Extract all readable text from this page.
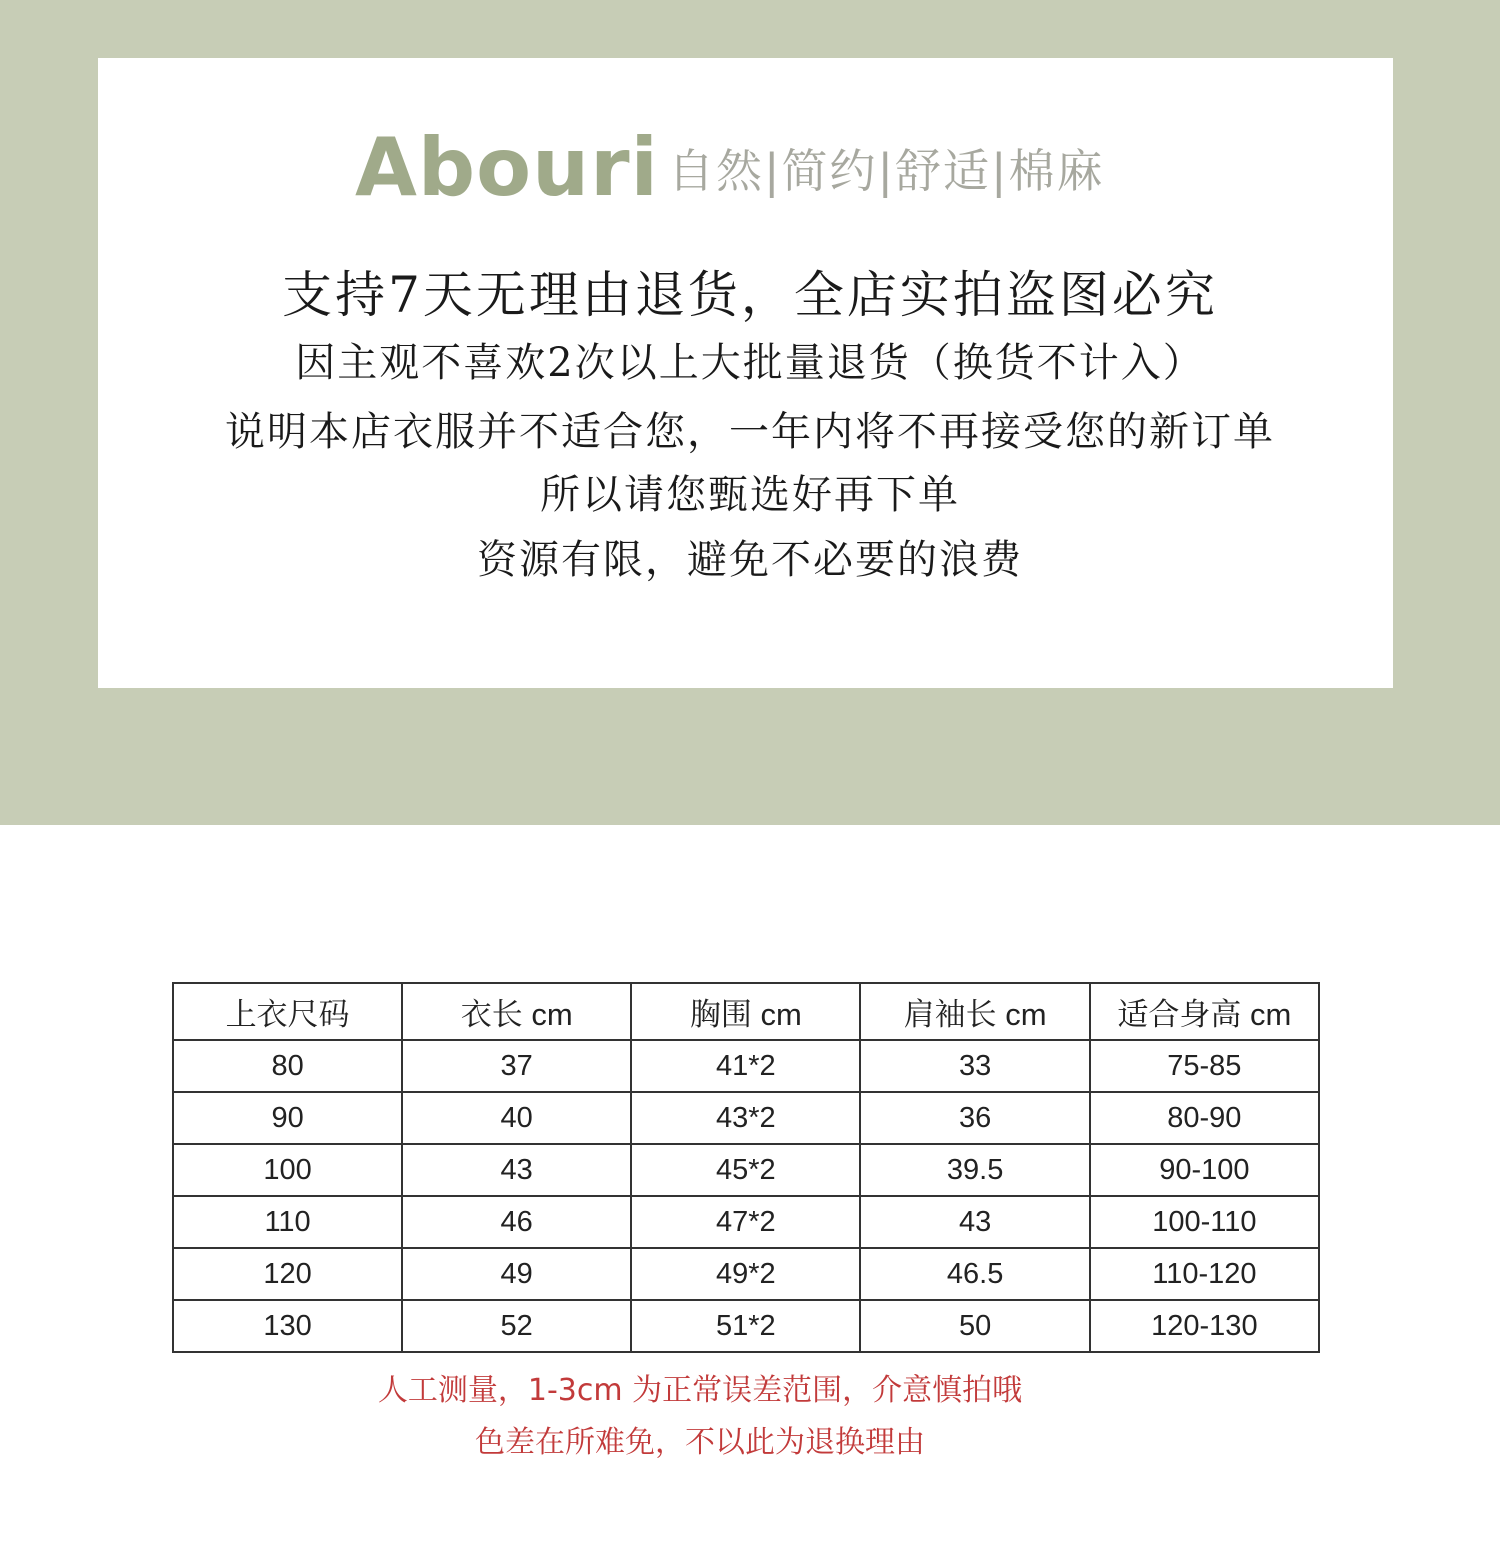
Abouri 自然|简约|舒适|棉麻
支持7天无理由退货，全店实拍盗图必究
因主观不喜欢2次以上大批量退货（换货不计入）
说明本店衣服并不适合您，一年内将不再接受您的新订单
所以请您甄选好再下单
资源有限，避免不必要的浪费
上衣尺码	衣长 cm	胸围 cm	肩袖长 cm	适合身高 cm
80	37	41*2	33	75-85
90	40	43*2	36	80-90
100	43	45*2	39.5	90-100
110	46	47*2	43	100-110
120	49	49*2	46.5	110-120
130	52	51*2	50	120-130
人工测量，1-3cm 为正常误差范围，介意慎拍哦
色差在所难免，不以此为退换理由
